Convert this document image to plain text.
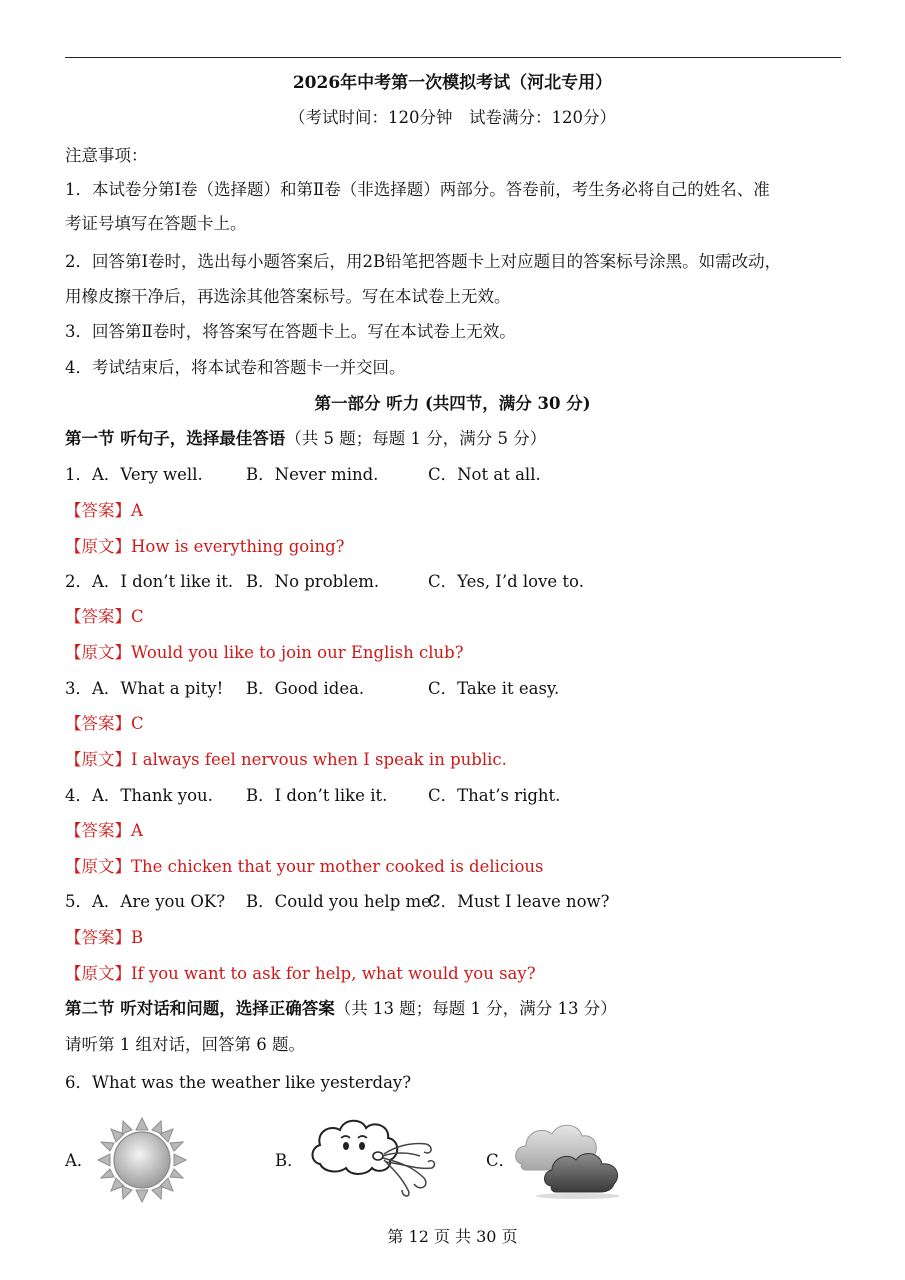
2026年中考第一次模拟考试（河北专用）
（考试时间：120分钟　试卷满分：120分）
注意事项：
1．本试卷分第Ⅰ卷（选择题）和第Ⅱ卷（非选择题）两部分。答卷前，考生务必将自己的姓名、准
考证号填写在答题卡上。
2．回答第Ⅰ卷时，选出每小题答案后，用2B铅笔把答题卡上对应题目的答案标号涂黑。如需改动，
用橡皮擦干净后，再选涂其他答案标号。写在本试卷上无效。
3．回答第Ⅱ卷时，将答案写在答题卡上。写在本试卷上无效。
4．考试结束后，将本试卷和答题卡一并交回。
第一部分 听力 (共四节，满分 30 分)
第一节 听句子，选择最佳答语（共 5 题；每题 1 分，满分 5 分）
1． A．Very well.	B．Never mind.	C．Not at all.
【答案】A
【原文】How is everything going?
2． A．I don’t like it. B．No problem.	C．Yes, I’d love to.
【答案】C
【原文】Would you like to join our English club?
3． A．What a pity! B．Good idea.	C．Take it easy.
【答案】C
【原文】I always feel nervous when I speak in public.
4． A．Thank you. B．I don’t like it. C．That’s right.
【答案】A
【原文】The chicken that your mother cooked is delicious
5． A．Are you OK? B．Could you help me?
C．Must I leave now?
【答案】B
【原文】If you want to ask for help, what would you say?
第二节 听对话和问题，选择正确答案（共 13 题；每题 1 分，满分 13 分）
请听第 1 组对话，回答第 6 题。
6．What was the weather like yesterday?
A．	B．	C．
第 12 页 共 30 页
